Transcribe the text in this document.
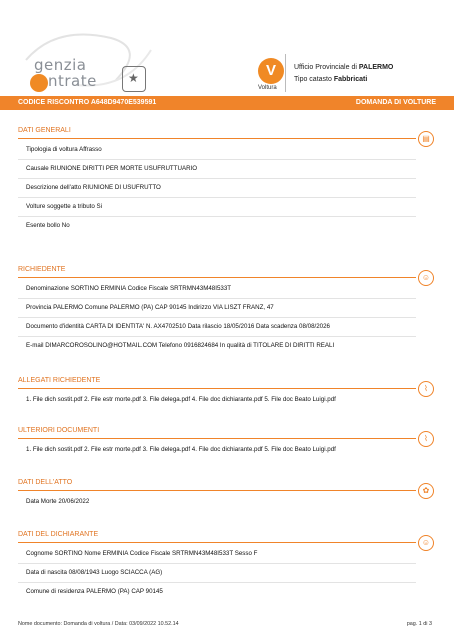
genzia
ntrate	★	V
Voltura
Ufficio Provinciale di PALERMO
Tipo catasto Fabbricati
CODICE RISCONTRO A648D9470E539591	DOMANDA DI VOLTURE
DATI GENERALI
▤
Tipologia di voltura Affrasso
Causale RIUNIONE DIRITTI PER MORTE USUFRUTTUARIO
Descrizione dell'atto RIUNIONE DI USUFRUTTO
Volture soggette a tributo Si
Esente bollo No
RICHIEDENTE
☺
Denominazione SORTINO ERMINIA Codice Fiscale SRTRMN43M48I533T
Provincia PALERMO Comune PALERMO (PA) CAP 90145 Indirizzo VIA LISZT FRANZ, 47
Documento d'identità CARTA DI IDENTITA' N. AX4702510 Data rilascio 18/05/2016 Data scadenza 08/08/2026
E-mail DIMARCOROSOLINO@HOTMAIL.COM Telefono 0916824684 In qualità di TITOLARE DI DIRITTI REALI
ALLEGATI RICHIEDENTE
⌇
1. File dich sostit.pdf 2. File estr morte.pdf 3. File delega.pdf 4. File doc dichiarante.pdf 5. File doc Beato Luigi.pdf
ULTERIORI DOCUMENTI
⌇
1. File dich sostit.pdf 2. File estr morte.pdf 3. File delega.pdf 4. File doc dichiarante.pdf 5. File doc Beato Luigi.pdf
DATI DELL'ATTO
✿
Data Morte 20/06/2022
DATI DEL DICHIARANTE
☺
Cognome SORTINO Nome ERMINIA Codice Fiscale SRTRMN43M48I533T Sesso F
Data di nascita 08/08/1943 Luogo SCIACCA (AG)
Comune di residenza PALERMO (PA) CAP 90145
Nome documento: Domanda di voltura / Data: 03/09/2022 10.52.14	pag. 1 di 3
